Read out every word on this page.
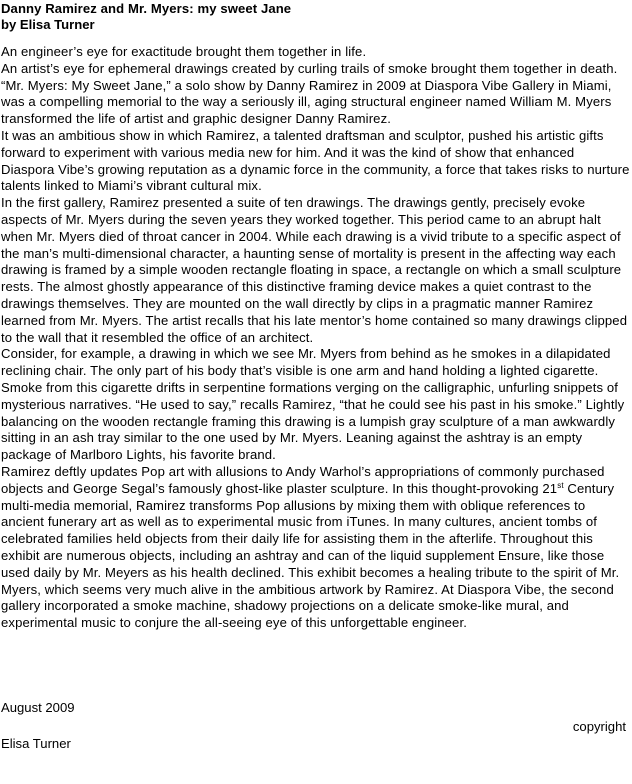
Danny Ramirez and Mr. Myers: my sweet Jane

by Elisa Turner

An engineer’s eye for exactitude brought them together in life.

An artist’s eye for ephemeral drawings created by curling trails of smoke brought them together in death.

“Mr. Myers: My Sweet Jane,” a solo show by Danny Ramirez in 2009 at Diaspora Vibe Gallery in Miami, was a compelling memorial to the way a seriously ill, aging structural engineer named William M. Myers transformed the life of artist and graphic designer Danny Ramirez.

It was an ambitious show in which Ramirez, a talented draftsman and sculptor, pushed his artistic gifts forward to experiment with various media new for him. And it was the kind of show that enhanced Diaspora Vibe’s growing reputation as a dynamic force in the community, a force that takes risks to nurture talents linked to Miami’s vibrant cultural mix.

In the first gallery, Ramirez presented a suite of ten drawings. The drawings gently, precisely evoke aspects of Mr. Myers during the seven years they worked together. This period came to an abrupt halt when Mr. Myers died of throat cancer in 2004. While each drawing is a vivid tribute to a specific aspect of the man’s multi-dimensional character, a haunting sense of mortality is present in the affecting way each drawing is framed by a simple wooden rectangle floating in space, a rectangle on which a small sculpture rests. The almost ghostly appearance of this distinctive framing device makes a quiet contrast to the drawings themselves. They are mounted on the wall directly by clips in a pragmatic manner Ramirez learned from Mr. Myers. The artist recalls that his late mentor’s home contained so many drawings clipped to the wall that it resembled the office of an architect.

Consider, for example, a drawing in which we see Mr. Myers from behind as he smokes in a dilapidated reclining chair. The only part of his body that’s visible is one arm and hand holding a lighted cigarette. Smoke from this cigarette drifts in serpentine formations verging on the calligraphic, unfurling snippets of mysterious narratives. “He used to say,” recalls Ramirez, “that he could see his past in his smoke.” Lightly balancing on the wooden rectangle framing this drawing is a lumpish gray sculpture of a man awkwardly sitting in an ash tray similar to the one used by Mr. Myers. Leaning against the ashtray is an empty package of Marlboro Lights, his favorite brand.

Ramirez deftly updates Pop art with allusions to Andy Warhol’s appropriations of commonly purchased objects and George Segal’s famously ghost-like plaster sculpture. In this thought-provoking 21st Century multi-media memorial, Ramirez transforms Pop allusions by mixing them with oblique references to ancient funerary art as well as to experimental music from iTunes. In many cultures, ancient tombs of celebrated families held objects from their daily life for assisting them in the afterlife. Throughout this exhibit are numerous objects, including an ashtray and can of the liquid supplement Ensure, like those used daily by Mr. Meyers as his health declined. This exhibit becomes a healing tribute to the spirit of Mr. Myers, which seems very much alive in the ambitious artwork by Ramirez. At Diaspora Vibe, the second gallery incorporated a smoke machine, shadowy projections on a delicate smoke-like mural, and experimental music to conjure the all-seeing eye of this unforgettable engineer.

August 2009
copyright
Elisa Turner
